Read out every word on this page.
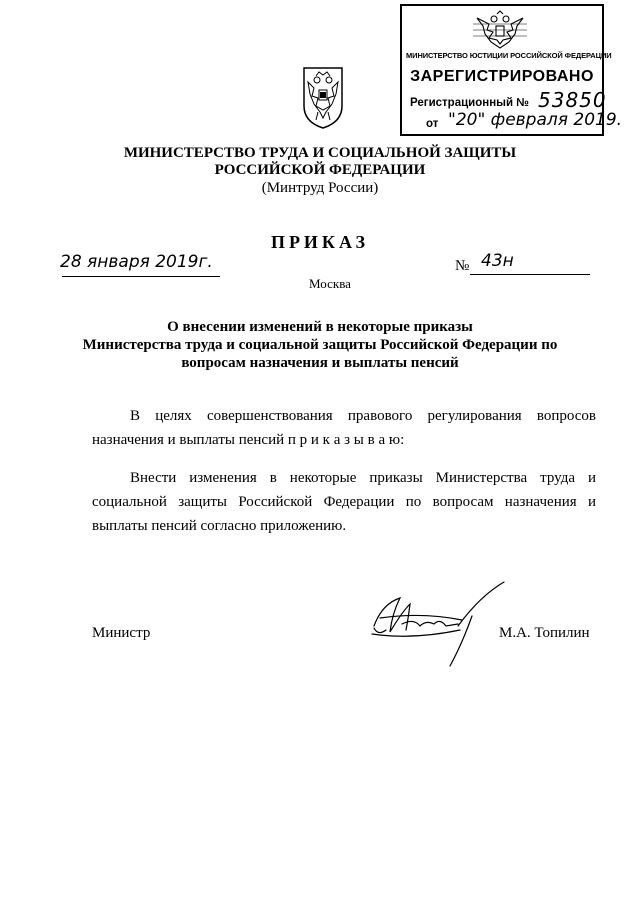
МИНИСТЕРСТВО ЮСТИЦИИ РОССИЙСКОЙ ФЕДЕРАЦИИ
ЗАРЕГИСТРИРОВАНО
Регистрационный № 53850
от "20" февраля 2019.
МИНИСТЕРСТВО ТРУДА И СОЦИАЛЬНОЙ ЗАЩИТЫ
РОССИЙСКОЙ ФЕДЕРАЦИИ
(Минтруд России)
ПРИКАЗ
28 января 2019г.	№ 43н
Москва
О внесении изменений в некоторые приказы
Министерства труда и социальной защиты Российской Федерации по
вопросам назначения и выплаты пенсий
В целях совершенствования правового регулирования вопросов назначения и выплаты пенсий п р и к а з ы в а ю:
Внести изменения в некоторые приказы Министерства труда и социальной защиты Российской Федерации по вопросам назначения и выплаты пенсий согласно приложению.
Министр	М.А. Топилин
